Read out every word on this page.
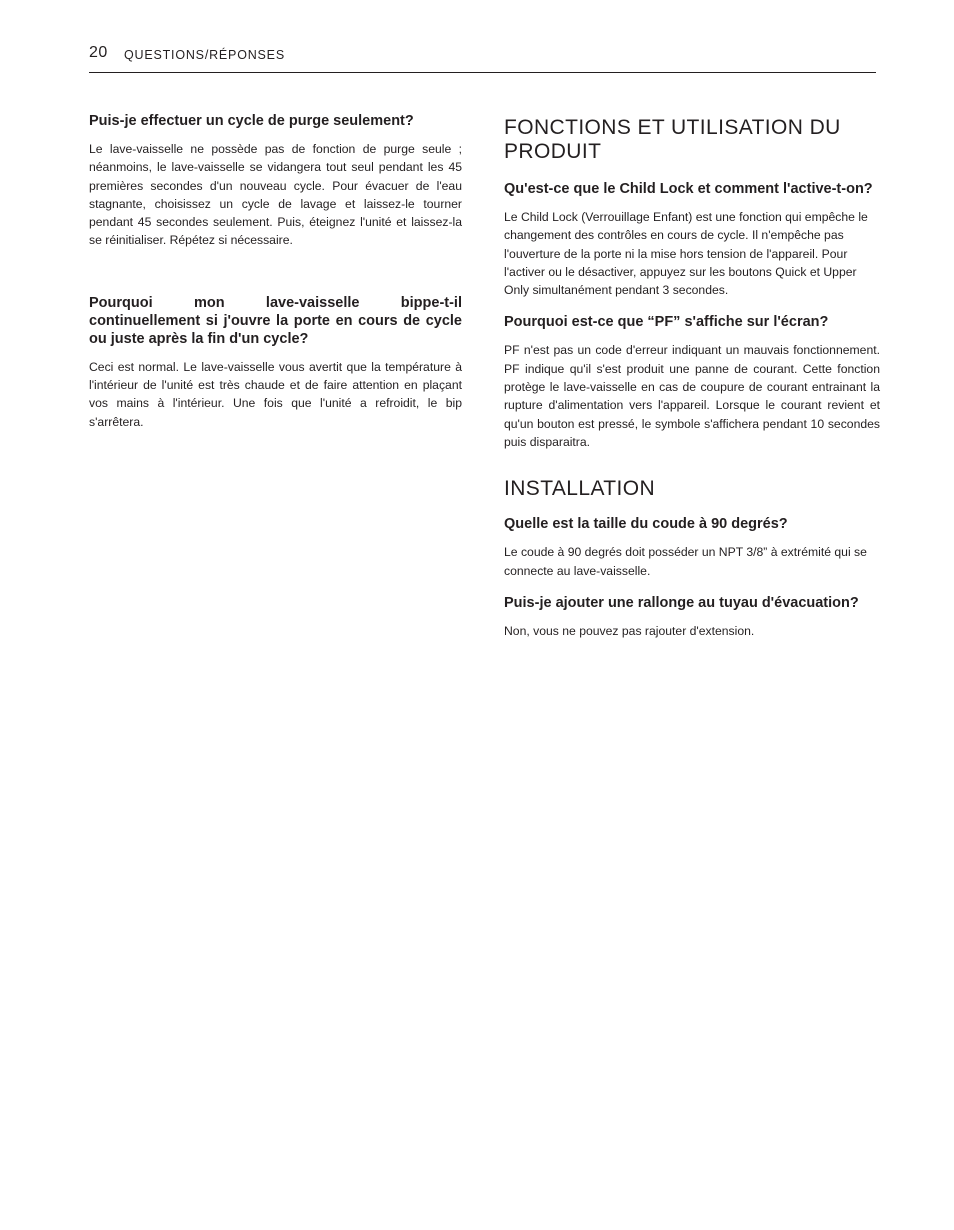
20 QUESTIONS/RÉPONSES

Puis-je effectuer un cycle de purge seulement?

Le lave-vaisselle ne possède pas de fonction de purge seule ; néanmoins, le lave-vaisselle se vidangera tout seul pendant les 45 premières secondes d'un nouveau cycle. Pour évacuer de l'eau stagnante, choisissez un cycle de lavage et laissez-le tourner pendant 45 secondes seulement. Puis, éteignez l'unité et laissez-la se réinitialiser. Répétez si nécessaire.

Pourquoi mon lave-vaisselle bippe-t-il continuellement si j'ouvre la porte en cours de cycle ou juste après la fin d'un cycle?

Ceci est normal. Le lave-vaisselle vous avertit que la température à l'intérieur de l'unité est très chaude et de faire attention en plaçant vos mains à l'intérieur. Une fois que l'unité a refroidit, le bip s'arrêtera.

FONCTIONS ET UTILISATION DU PRODUIT

Qu'est-ce que le Child Lock et comment l'active-t-on?

Le Child Lock (Verrouillage Enfant) est une fonction qui empêche le changement des contrôles en cours de cycle. Il n'empêche pas l'ouverture de la porte ni la mise hors tension de l'appareil. Pour l'activer ou le désactiver, appuyez sur les boutons Quick et Upper Only simultanément pendant 3 secondes.

Pourquoi est-ce que “PF” s'affiche sur l'écran?

PF n'est pas un code d'erreur indiquant un mauvais fonctionnement. PF indique qu'il s'est produit une panne de courant. Cette fonction protège le lave-vaisselle en cas de coupure de courant entrainant la rupture d'alimentation vers l'appareil. Lorsque le courant revient et qu'un bouton est pressé, le symbole s'affichera pendant 10 secondes puis disparaitra.

INSTALLATION

Quelle est la taille du coude à 90 degrés?

Le coude à 90 degrés doit posséder un NPT 3/8” à extrémité qui se connecte au lave-vaisselle.

Puis-je ajouter une rallonge au tuyau d'évacuation?

Non, vous ne pouvez pas rajouter d'extension.
